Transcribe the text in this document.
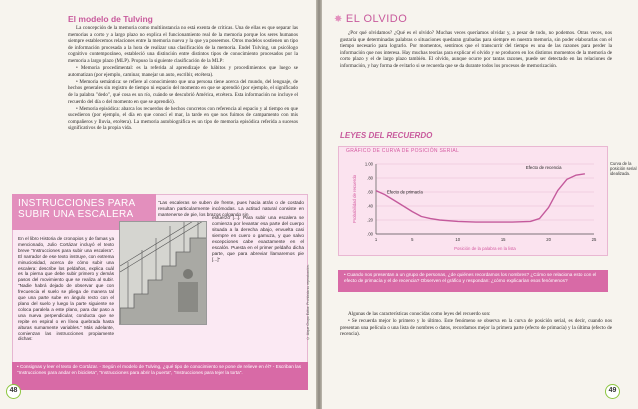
El modelo de Tulving

La concepción de la memoria como multiinstancia no está exenta de críticas. Una de ellas es que separar las memorias a corto y a largo plazo no explica el funcionamiento real de la memoria porque los seres humanos siempre establecemos relaciones entre la memoria nueva y la que ya poseemos. Otros modelos sostienen un tipo de información procesada a la hora de realizar una clasificación de la memoria. Endel Tulving, un psicólogo cognitivo contemporáneo, estableció una distinción entre distintos tipos de conocimiento procesados por la memoria a largo plazo (MLP). Propuso la siguiente clasificación de la MLP:

• Memoria procedimental: es la referida al aprendizaje de hábitos y procedimientos que luego se automatizan (por ejemplo, caminar, manejar un auto, escribir, etcétera).

• Memoria semántica: se refiere al conocimiento que una persona tiene acerca del mundo, del lenguaje, de hechos generales sin registro de tiempo ni espacio del momento en que se aprendió (por ejemplo, el significado de la palabra "dedo", qué cosa es un río, cuándo se descubrió América, etcétera. Esta información no incluye el recuerdo del día o del momento en que se aprendió).

• Memoria episódica: abarca los recuerdos de hechos concretos con referencia al espacio y al tiempo en que sucedieron (por ejemplo, el día en que conocí el mar, la tarde en que nos fuimos de campamento con mis compañeros y Iluvia, etcétera). La memoria autobiográfica es un tipo de memoria episódica referida a sucesos significativos de la propia vida.

INSTRUCCIONES PARA SUBIR UNA ESCALERA
En el libro Historia de cronopios y de famas ya mencionado, Julio Cortázar incluyó el texto breve "Instrucciones para subir una escalera". El narrador de ese texto instruye, con extrema minuciosidad, acerca de cómo subir una escalera: describe los peldaños, explica cuál es la pierna que debe subir primero y demás pasos del movimiento que se realiza al subir. "Nadie habrá dejado de observar que con frecuencia el suelo se pliega de manera tal que una parte sube en ángulo recto con el plano del suelo y luego la parte siguiente se coloca paralela a este plano, para dar paso a una nueva perpendicular, conducta que se repite en espiral o en línea quebrada hasta alturas sumamente variables." Más adelante, comienzan las instrucciones propiamente dichas:
"Las escaleras se suben de frente, pues hacia atrás o de costado resultan particularmente incómodas. La actitud natural consiste en mantenerse de pie, los brazos colgando sin
esfuerzo [...]. Para subir una escalera se comienza por levantar esa parte del cuerpo situada a la derecha abajo, envuelta casi siempre en cuero o gamuza, y que salvo excepciones cabe exactamente en el escalón. Puesta en el primer peldaño dicha parte, que para abreviar llamaremos pie [...]"
• Consignas y leer el texto de Cortázar. - Según el modelo de Tulving, ¿qué tipo de conocimiento se pone de relieve en él? - Escriban las "Instrucciones para andar en bicicleta", "Instrucciones para abrir la puerta", "Instrucciones para tejer la torta".
© Aique Grupo Editor. Prohibida su reproducción.
48
✸ EL OLVIDO

¿Por qué olvidamos? ¿Qué es el olvido? Muchas veces queríamos olvidar y, a pesar de todo, no podemos. Otras veces, nos gustaría que determinadas palabras o situaciones quedaran grabadas para siempre en nuestra memoria, sin poder elaborarlas con el tiempo necesario para lograrlo. Por momentos, sentimos que el transcurrir del tiempo es una de las razones para perder la información que nos interesa. Hay muchas teorías para explicar el olvido y se producen en los distintos momentos de la memoria de corto plazo y el de largo plazo también. El olvido, aunque ocurre por tantas razones, puede ser detectado en las relaciones de información, y hay forma de evitarlo si se recuerda que se da durante todos los procesos de memorización.

LEYES DEL RECUERDO
GRÁFICO DE CURVA DE POSICIÓN SERIAL
1.00
.80
.60
.40
.20
.00
1	5	10	15	20	25
Posición de la palabra en la lista
Probabilidad de recuerdo	Efecto de primacía
Efecto de recencia
Curva de la posición serial idealizada.
• Cuando nos presentan a un grupo de personas, ¿de quiénes recordamos los nombres? ¿Cómo se relaciona esto con el efecto de primacía y el de recencia? Observen el gráfico y respondan: ¿cómo explicarían esos fenómenos?

Algunas de las características conocidas como leyes del recuerdo son:

• Se recuerda mejor lo primero y lo último. Este fenómeno se observa en la curva de posición serial, es decir, cuando nos presentan una película o una lista de nombres o datos, recordamos mejor la primera parte (efecto de primacía) y la última (efecto de recencia).

49
